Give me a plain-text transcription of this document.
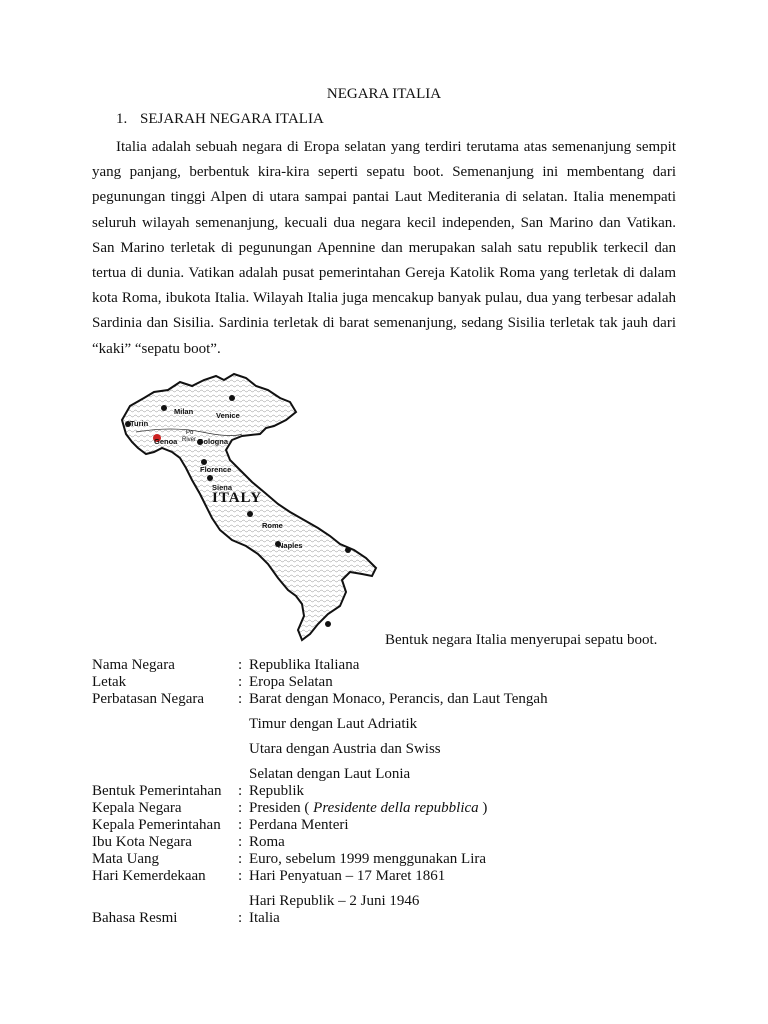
NEGARA ITALIA
1. SEJARAH NEGARA ITALIA

Italia adalah sebuah negara di Eropa selatan yang terdiri terutama atas semenanjung sempit yang panjang, berbentuk kira-kira seperti sepatu boot. Semenanjung ini membentang dari pegunungan tinggi Alpen di utara sampai pantai Laut Mediterania di selatan. Italia menempati seluruh wilayah semenanjung, kecuali dua negara kecil independen, San Marino dan Vatikan. San Marino terletak di pegunungan Apennine dan merupakan salah satu republik terkecil dan tertua di dunia. Vatikan adalah pusat pemerintahan Gereja Katolik Roma yang terletak di dalam kota Roma, ibukota Italia. Wilayah Italia juga mencakup banyak pulau, dua yang terbesar adalah Sardinia dan Sisilia. Sardinia terletak di barat semenanjung, sedang Sisilia terletak tak jauh dari “kaki” “sepatu boot”.

Milan	Venice
Turin
Genoa	Bologna
Po
River
Florence
Siena
ITALY
Rome
Naples
Bentuk negara Italia menyerupai sepatu boot.
Nama Negara	: Republika Italiana
Letak	: Eropa Selatan
Perbatasan Negara : Barat dengan Monaco, Perancis, dan Laut Tengah
Timur dengan Laut Adriatik
Utara dengan Austria dan Swiss
Selatan dengan Laut Lonia
Bentuk Pemerintahan : Republik
Kepala Negara	: Presiden ( Presidente della repubblica )
Kepala Pemerintahan : Perdana Menteri
Ibu Kota Negara	: Roma
Mata Uang	: Euro, sebelum 1999 menggunakan Lira
Hari Kemerdekaan : Hari Penyatuan – 17 Maret 1861
Hari Republik – 2 Juni 1946
Bahasa Resmi	: Italia
